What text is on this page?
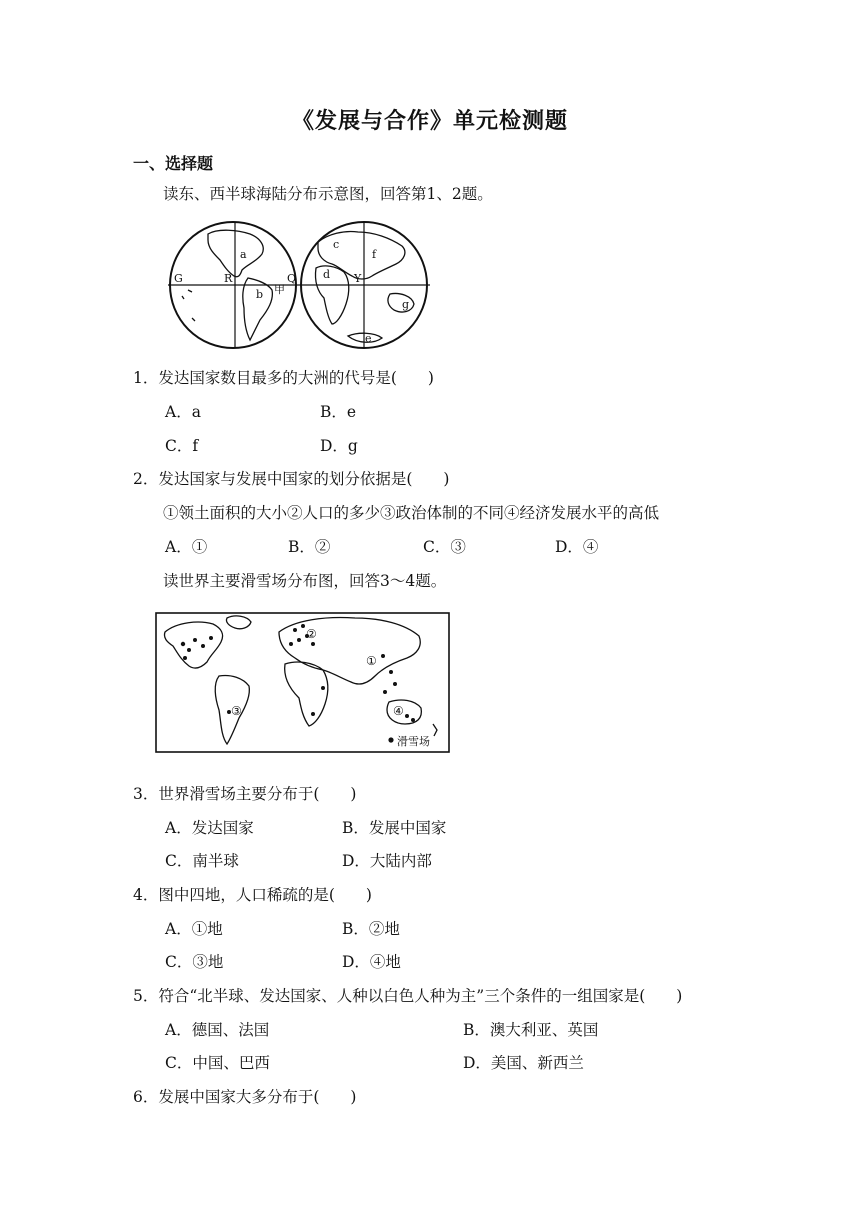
《发展与合作》单元检测题
一、选择题
读东、西半球海陆分布示意图，回答第1、2题。
G	R
a
b 甲
Q d
f
c
Y
g
e
1．发达国家数目最多的大洲的代号是(　　)
A．a	B．e
C．f	D．g
2．发达国家与发展中国家的划分依据是(　　)
①领土面积的大小②人口的多少③政治体制的不同④经济发展水平的高低
A．①	B．②	C．③	D．④
读世界主要滑雪场分布图，回答3～4题。
①
②
③	④
滑雪场
3．世界滑雪场主要分布于(　　)
A．发达国家	B．发展中国家
C．南半球	D．大陆内部
4．图中四地，人口稀疏的是(　　)
A．①地	B．②地
C．③地	D．④地
5．符合“北半球、发达国家、人种以白色人种为主”三个条件的一组国家是(　　)
A．德国、法国	B．澳大利亚、英国
C．中国、巴西	D．美国、新西兰
6．发展中国家大多分布于(　　)
